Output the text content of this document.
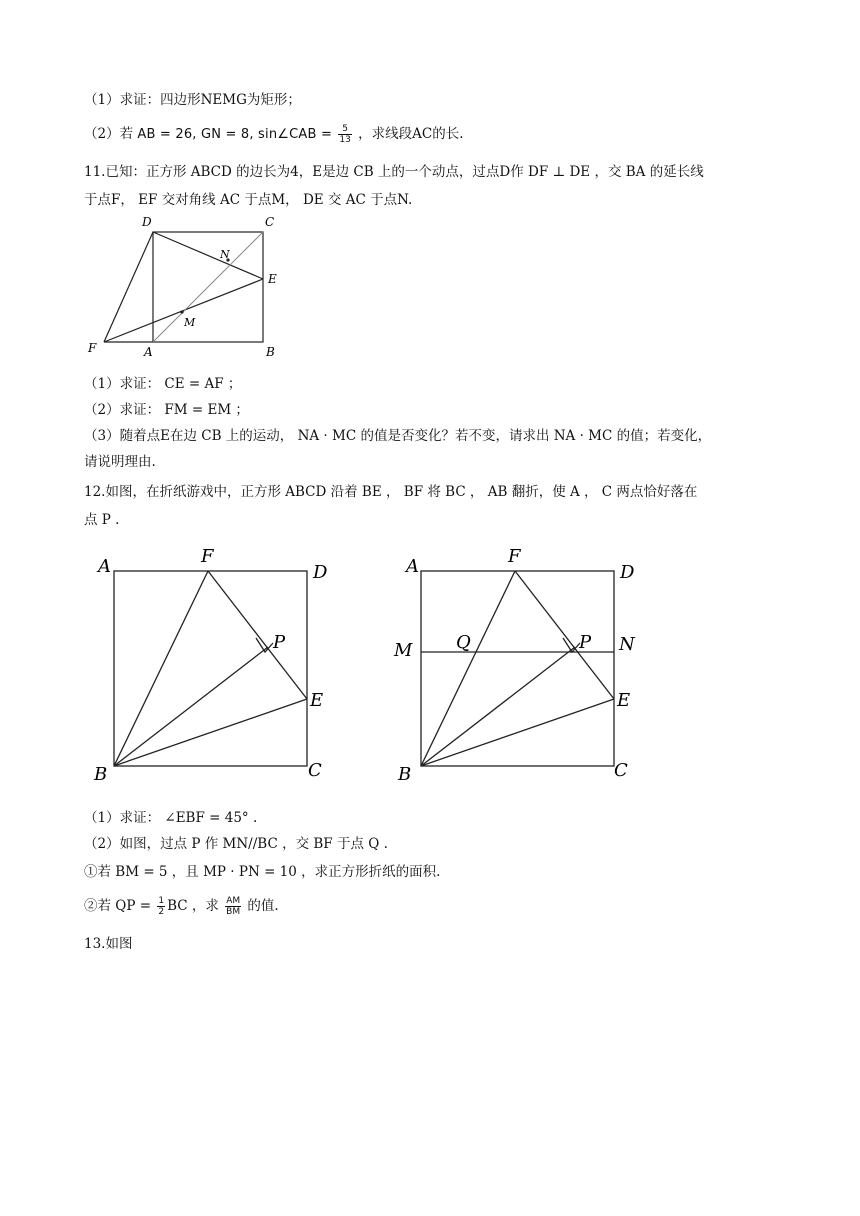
（1）求证：四边形NEMG为矩形；
（2）若 AB = 26, GN = 8, sin∠CAB = $\frac{5}{13}$ ，求线段AC的长.
11.已知：正方形 ABCD 的边长为4，E是边 CB 上的一个动点，过点D作 DF ⊥ DE ，交 BA 的延长线
于点F， EF 交对角线 AC 于点M， DE 交 AC 于点N.
D	C
N
E
M
F	A	B
（1）求证： CE = AF ；
（2）求证： FM = EM ；
（3）随着点E在边 CB 上的运动， NA · MC 的值是否变化？若不变，请求出 NA · MC 的值；若变化，
请说明理由.
12.如图，在折纸游戏中，正方形 ABCD 沿着 BE ， BF 将 BC ， AB 翻折，使 A ， C 两点恰好落在
点 P .
A	F
D
P
E
B	C
A	F
D
M Q	P N
E
B	C
（1）求证： ∠EBF = 45° .
（2）如图，过点 P 作 MN//BC ，交 BF 于点 Q .
①若 BM = 5 ，且 MP · PN = 10 ，求正方形折纸的面积.
②若 QP = $\frac{1}{2}$ BC ，求 $\frac{AM}{BM}$ 的值.
13.如图
